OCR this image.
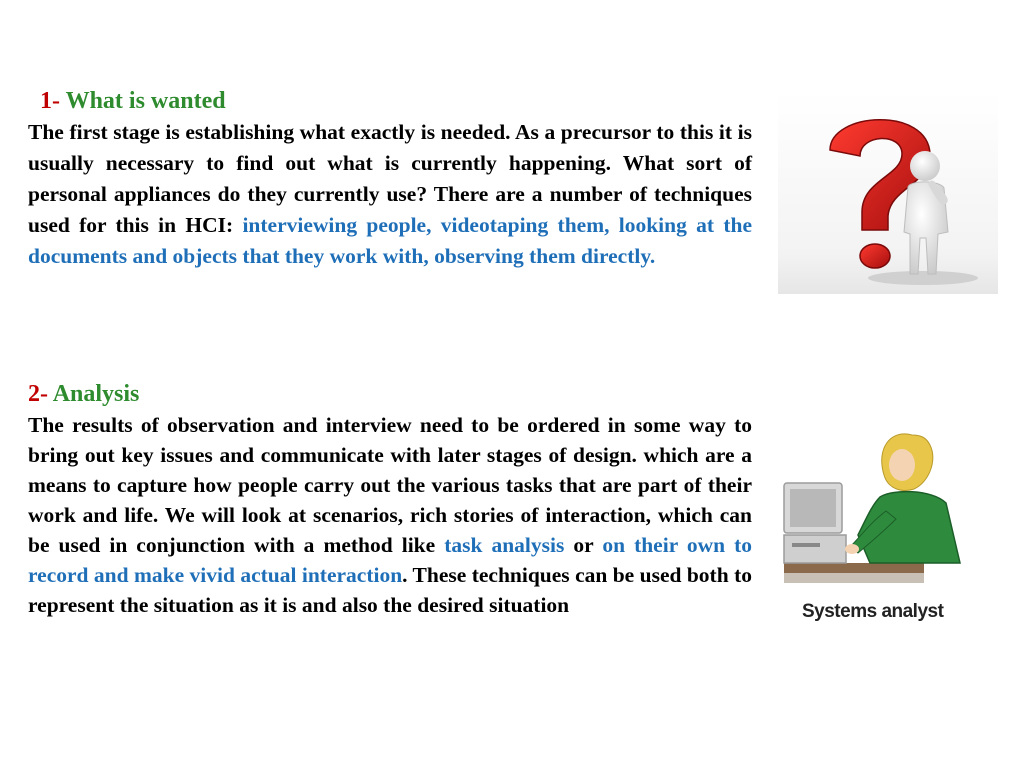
1- What is wanted
The first stage is establishing what exactly is needed. As a precursor to this it is usually necessary to find out what is currently happening. What sort of personal appliances do they currently use? There are a number of techniques used for this in HCI: interviewing people, videotaping them, looking at the documents and objects that they work with, observing them directly.
2- Analysis
The results of observation and interview need to be ordered in some way to bring out key issues and communicate with later stages of design. which are a means to capture how people carry out the various tasks that are part of their work and life. We will look at scenarios, rich stories of interaction, which can be used in conjunction with a method like task analysis or on their own to record and make vivid actual interaction. These techniques can be used both to represent the situation as it is and also the desired situation	Systems analyst
